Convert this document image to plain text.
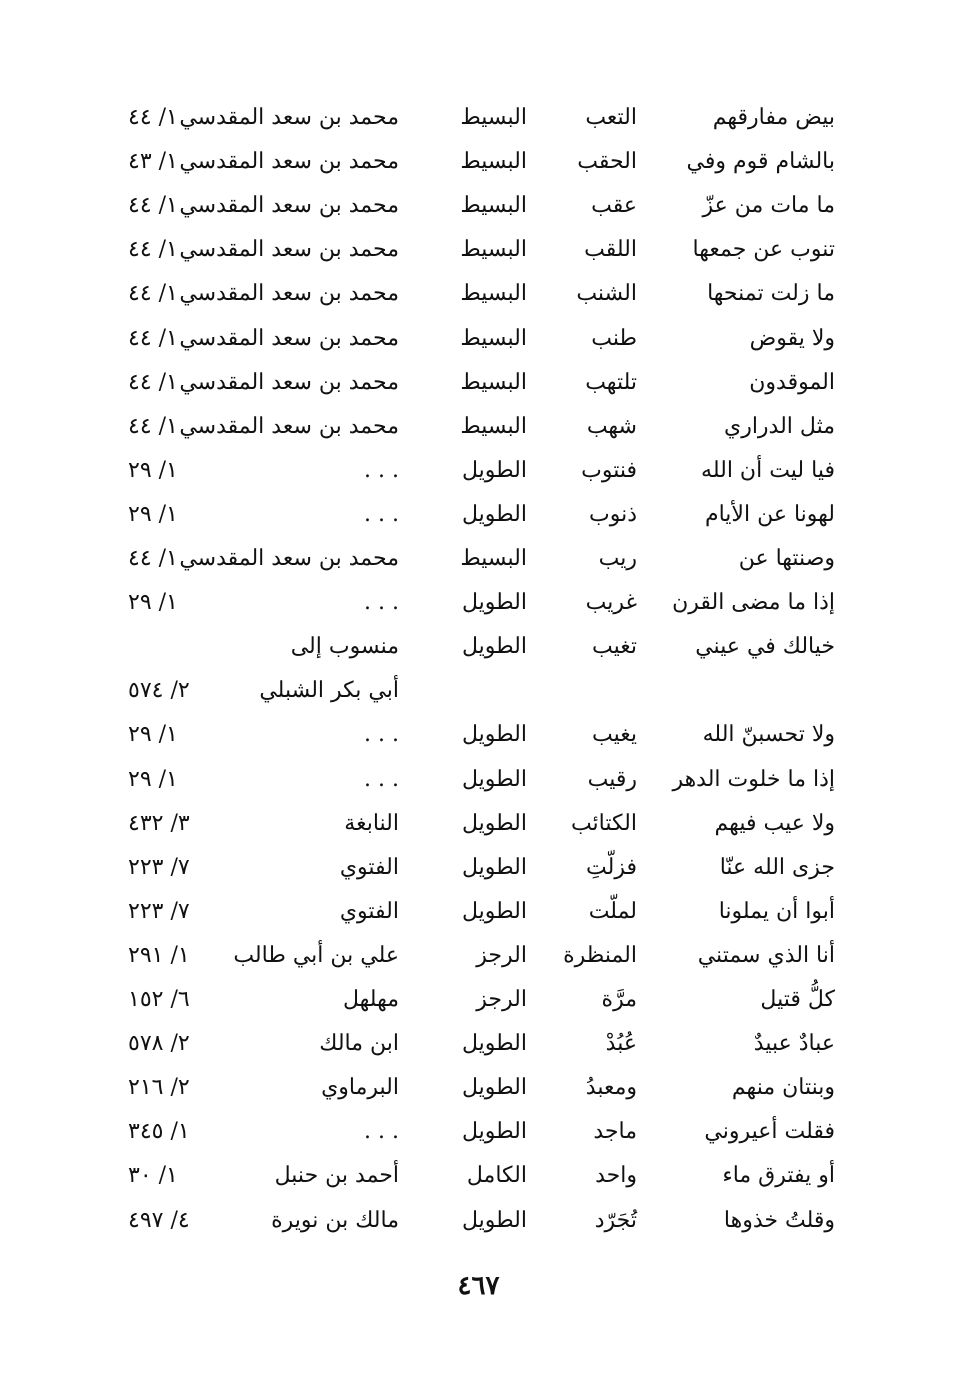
بيض مفارقهم
التعب
البسيط
محمد بن سعد المقدسي
١/ ٤٤
بالشام قوم وفي
الحقب
البسيط
محمد بن سعد المقدسي
١/ ٤٣
ما مات من عزّ
عقب
البسيط
محمد بن سعد المقدسي
١/ ٤٤
تنوب عن جمعها
اللقب
البسيط
محمد بن سعد المقدسي
١/ ٤٤
ما زلت تمنحها
الشنب
البسيط
محمد بن سعد المقدسي
١/ ٤٤
ولا يقوض
طنب
البسيط
محمد بن سعد المقدسي
١/ ٤٤
الموقدون
تلتهب
البسيط
محمد بن سعد المقدسي
١/ ٤٤
مثل الدراري
شهب
البسيط
محمد بن سعد المقدسي
١/ ٤٤
فيا ليت أن الله
فنتوب
الطويل
. . .
١/ ٢٩
لهونا عن الأيام
ذنوب
الطويل
. . .
١/ ٢٩
وصنتها عن
ريب
البسيط
محمد بن سعد المقدسي
١/ ٤٤
إذا ما مضى القرن
غريب
الطويل
. . .
١/ ٢٩
خيالك في عيني
تغيب
الطويل
منسوب إلى
أبي بكر الشبلي
٢/ ٥٧٤
ولا تحسبنّ الله
يغيب
الطويل
. . .
١/ ٢٩
إذا ما خلوت الدهر
رقيب
الطويل
. . .
١/ ٢٩
ولا عيب فيهم
الكتائب
الطويل
النابغة
٣/ ٤٣٢
جزى الله عنّا
فزلّتِ
الطويل
الفتوي
٧/ ٢٢٣
أبوا أن يملونا
لملّت
الطويل
الفتوي
٧/ ٢٢٣
أنا الذي سمتني
المنظرة
الرجز
علي بن أبي طالب
١/ ٢٩١
كلُّ قتيل
مرَّة
الرجز
مهلهل
٦/ ١٥٢
عبادٌ عبيدٌ
عُبُدْ
الطويل
ابن مالك
٢/ ٥٧٨
وبنتان منهم
ومعبدُ
الطويل
البرماوي
٢/ ٢١٦
فقلت أعيروني
ماجد
الطويل
. . .
١/ ٣٤٥
أو يفترق ماء
واحد
الكامل
أحمد بن حنبل
١/ ٣٠
وقلتُ خذوها
تُجَرّد
الطويل
مالك بن نويرة
٤/ ٤٩٧
٤٦٧
